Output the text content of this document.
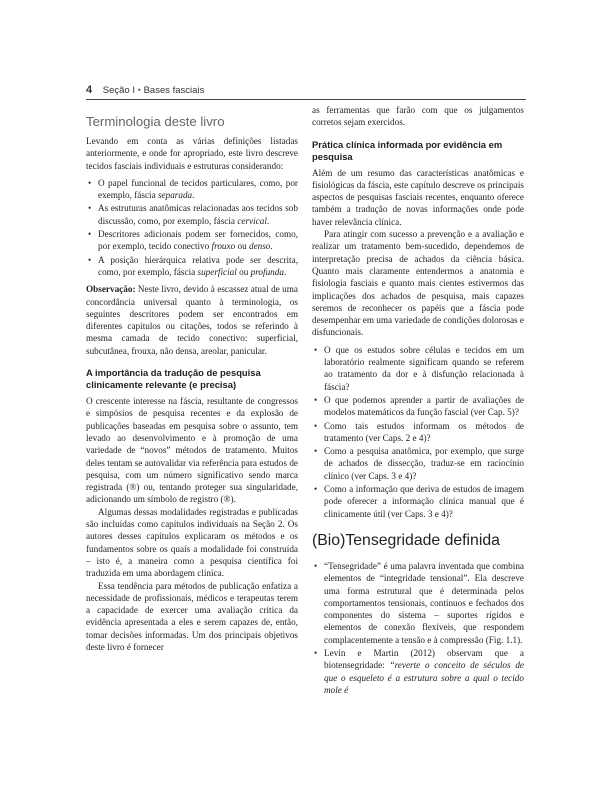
4 Seção I • Bases fasciais
Terminologia deste livro

Levando em conta as várias definições listadas anteriormente, e onde for apropriado, este livro descreve tecidos fasciais individuais e estruturas considerando:

• O papel funcional de tecidos particulares, como, por exemplo, fáscia separada.
• As estruturas anatômicas relacionadas aos tecidos sob discussão, como, por exemplo, fáscia cervical.
• Descritores adicionais podem ser fornecidos, como, por exemplo, tecido conectivo frouxo ou denso.
• A posição hierárquica relativa pode ser descrita, como, por exemplo, fáscia superficial ou profunda.

Observação: Neste livro, devido à escassez atual de uma concordância universal quanto à terminologia, os seguintes descritores podem ser encontrados em diferentes capítulos ou citações, todos se referindo à mesma camada de tecido conectivo: superficial, subcutânea, frouxa, não densa, areolar, panicular.

A importância da tradução de pesquisa clinicamente relevante (e precisa)

O crescente interesse na fáscia, resultante de congressos e simpósios de pesquisa recentes e da explosão de publicações baseadas em pesquisa sobre o assunto, tem levado ao desenvolvimento e à promoção de uma variedade de “novos” métodos de tratamento. Muitos deles tentam se autovalidar via referência para estudos de pesquisa, com um número significativo sendo marca registrada (®) ou, tentando proteger sua singularidade, adicionando um símbolo de registro (®).

Algumas dessas modalidades registradas e publicadas são incluídas como capítulos individuais na Seção 2. Os autores desses capítulos explicaram os métodos e os fundamentos sobre os quais a modalidade foi construída – isto é, a maneira como a pesquisa científica foi traduzida em uma abordagem clínica.

Essa tendência para métodos de publicação enfatiza a necessidade de profissionais, médicos e terapeutas terem a capacidade de exercer uma avaliação crítica da evidência apresentada a eles e serem capazes de, então, tomar decisões informadas. Um dos principais objetivos deste livro é fornecer

as ferramentas que farão com que os julgamentos corretos sejam exercidos.

Prática clínica informada por evidência em pesquisa

Além de um resumo das características anatômicas e fisiológicas da fáscia, este capítulo descreve os principais aspectos de pesquisas fasciais recentes, enquanto oferece também a tradução de novas informações onde pode haver relevância clínica.

Para atingir com sucesso a prevenção e a avaliação e realizar um tratamento bem-sucedido, dependemos de interpretação precisa de achados da ciência básica. Quanto mais claramente entendermos a anatomia e fisiologia fasciais e quanto mais cientes estivermos das implicações dos achados de pesquisa, mais capazes seremos de reconhecer os papéis que a fáscia pode desempenhar em uma variedade de condições dolorosas e disfuncionais.

• O que os estudos sobre células e tecidos em um laboratório realmente significam quando se referem ao tratamento da dor e à disfunção relacionada à fáscia?
• O que podemos aprender a partir de avaliações de modelos matemáticos da função fascial (ver Cap. 5)?
• Como tais estudos informam os métodos de tratamento (ver Caps. 2 e 4)?
• Como a pesquisa anatômica, por exemplo, que surge de achados de dissecção, traduz-se em raciocínio clínico (ver Caps. 3 e 4)?
• Como a informação que deriva de estudos de imagem pode oferecer a informação clínica manual que é clinicamente útil (ver Caps. 3 e 4)?
(Bio)Tensegridade definida
• “Tensegridade” é uma palavra inventada que combina elementos de “integridade tensional”. Ela descreve uma forma estrutural que é determinada pelos comportamentos tensionais, contínuos e fechados dos componentes do sistema – suportes rígidos e elementos de conexão flexíveis, que respondem complacentemente a tensão e à compressão (Fig. 1.1).
• Levin e Martin (2012) observam que a biotensegridade: “reverte o conceito de séculos de que o esqueleto é a estrutura sobre a qual o tecido mole é
